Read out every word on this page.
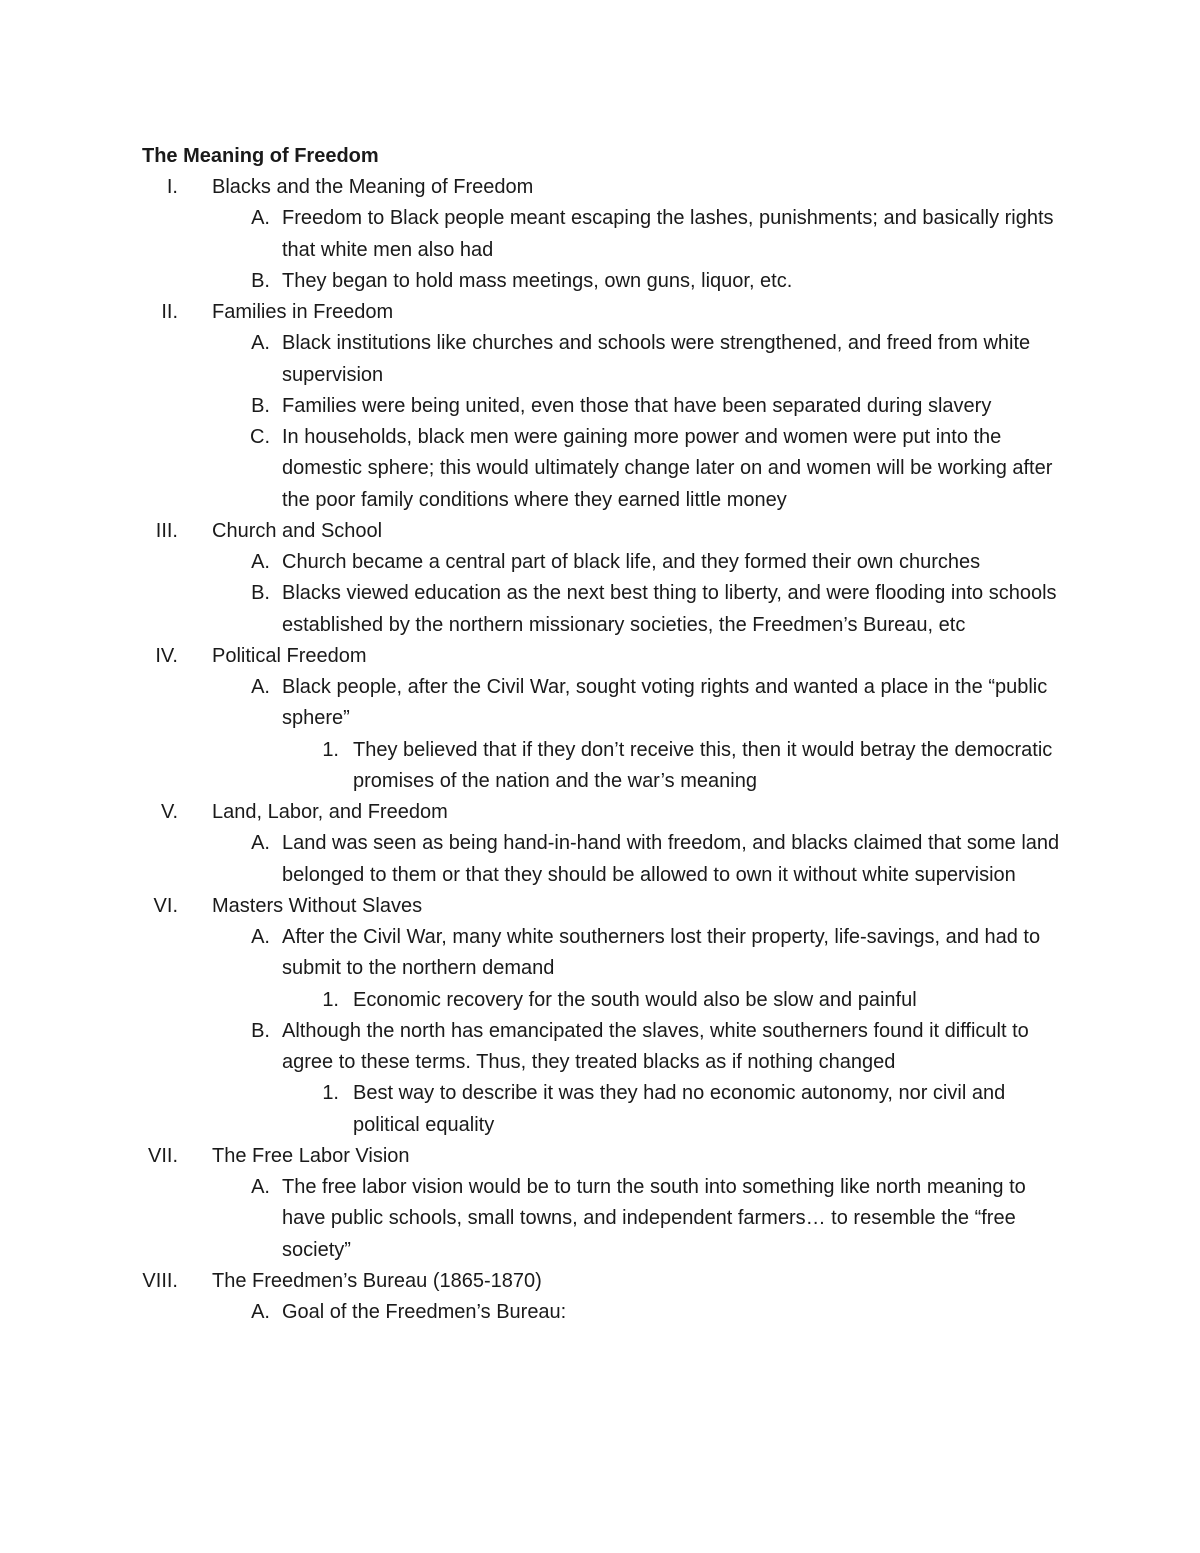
The Meaning of Freedom
I. Blacks and the Meaning of Freedom
A. Freedom to Black people meant escaping the lashes, punishments; and basically rights that white men also had
B. They began to hold mass meetings, own guns, liquor, etc.
II. Families in Freedom
A. Black institutions like churches and schools were strengthened, and freed from white supervision
B. Families were being united, even those that have been separated during slavery
C. In households, black men were gaining more power and women were put into the domestic sphere; this would ultimately change later on and women will be working after the poor family conditions where they earned little money
III. Church and School
A. Church became a central part of black life, and they formed their own churches
B. Blacks viewed education as the next best thing to liberty, and were flooding into schools established by the northern missionary societies, the Freedmen’s Bureau, etc
IV. Political Freedom
A. Black people, after the Civil War, sought voting rights and wanted a place in the “public sphere”
1. They believed that if they don’t receive this, then it would betray the democratic promises of the nation and the war’s meaning
V. Land, Labor, and Freedom
A. Land was seen as being hand-in-hand with freedom, and blacks claimed that some land belonged to them or that they should be allowed to own it without white supervision
VI. Masters Without Slaves
A. After the Civil War, many white southerners lost their property, life-savings, and had to submit to the northern demand
1. Economic recovery for the south would also be slow and painful
B. Although the north has emancipated the slaves, white southerners found it difficult to agree to these terms. Thus, they treated blacks as if nothing changed
1. Best way to describe it was they had no economic autonomy, nor civil and political equality
VII. The Free Labor Vision
A. The free labor vision would be to turn the south into something like north meaning to have public schools, small towns, and independent farmers… to resemble the “free society”
VIII. The Freedmen’s Bureau (1865-1870)
A. Goal of the Freedmen’s Bureau:
